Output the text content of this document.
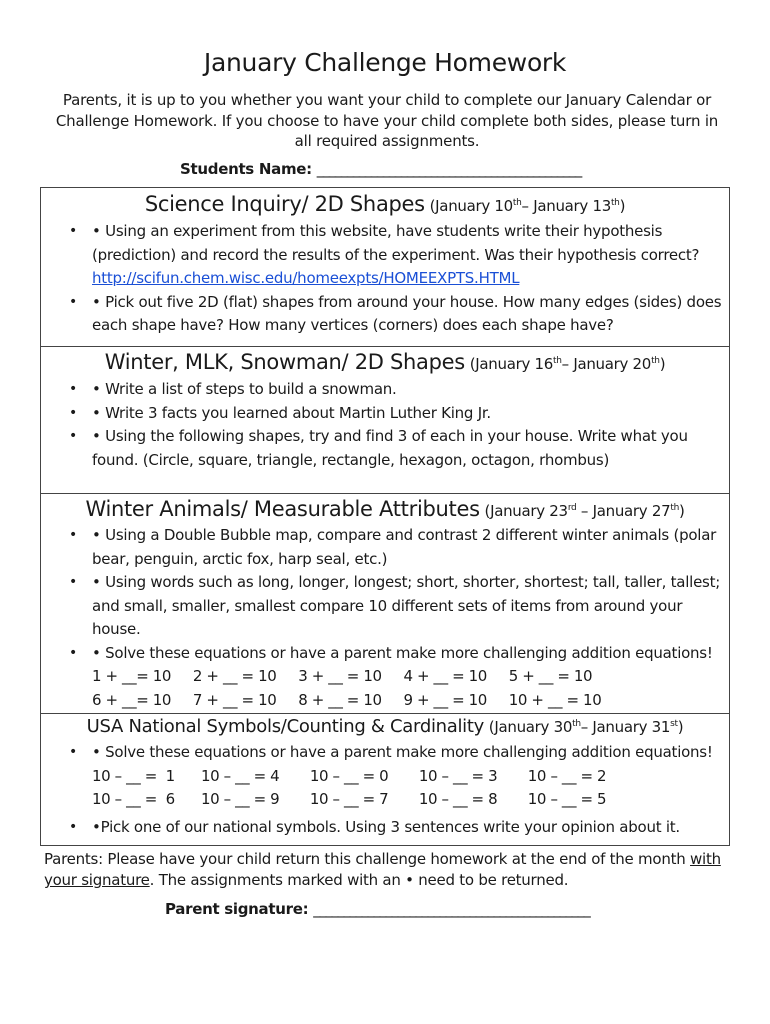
January Challenge Homework
Parents, it is up to you whether you want your child to complete our January Calendar or Challenge Homework. If you choose to have your child complete both sides, please turn in all required assignments.
Students Name: ____________________________________________
Science Inquiry/ 2D Shapes (January 10th– January 13th)
• • Using an experiment from this website, have students write their hypothesis (prediction) and record the results of the experiment. Was their hypothesis correct? http://scifun.chem.wisc.edu/homeexpts/HOMEEXPTS.HTML
• • Pick out five 2D (flat) shapes from around your house. How many edges (sides) does each shape have? How many vertices (corners) does each shape have?
Winter, MLK, Snowman/ 2D Shapes (January 16th– January 20th)
• • Write a list of steps to build a snowman.
• • Write 3 facts you learned about Martin Luther King Jr.
• • Using the following shapes, try and find 3 of each in your house. Write what you found. (Circle, square, triangle, rectangle, hexagon, octagon, rhombus)
Winter Animals/ Measurable Attributes (January 23rd – January 27th)
• • Using a Double Bubble map, compare and contrast 2 different winter animals (polar bear, penguin, arctic fox, harp seal, etc.)
• • Using words such as long, longer, longest; short, shorter, shortest; tall, taller, tallest; and small, smaller, smallest compare 10 different sets of items from around your house.
• • Solve these equations or have a parent make more challenging addition equations!
1 + __= 10     2 + __ = 10     3 + __ = 10     4 + __ = 10     5 + __ = 10
6 + __= 10     7 + __ = 10     8 + __ = 10     9 + __ = 10     10 + __ = 10
USA National Symbols/Counting & Cardinality (January 30th– January 31st)
• • Solve these equations or have a parent make more challenging addition equations!
10 – __ =  1      10 – __ = 4       10 – __ = 0       10 – __ = 3       10 – __ = 2
10 – __ =  6      10 – __ = 9       10 – __ = 7       10 – __ = 8       10 – __ = 5
• •Pick one of our national symbols. Using 3 sentences write your opinion about it.
Parents: Please have your child return this challenge homework at the end of the month with your signature. The assignments marked with an • need to be returned.
Parent signature: ______________________________________________
